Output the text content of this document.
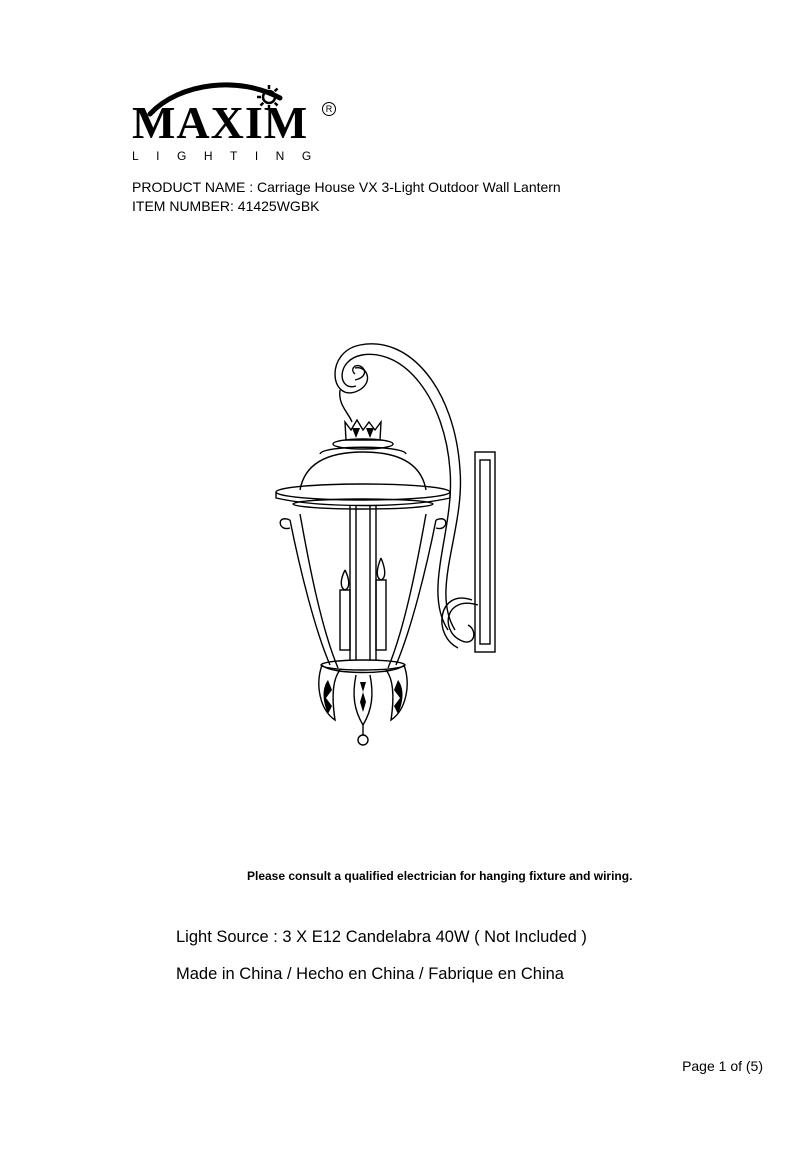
MAXIM	R
LIGHTING
PRODUCT NAME : Carriage House VX 3-Light Outdoor Wall Lantern
ITEM NUMBER: 41425WGBK
Please consult a qualified electrician for hanging fixture and wiring.
Light Source : 3 X E12 Candelabra 40W ( Not Included )
Made in China / Hecho en China / Fabrique en China
Page 1 of (5)
